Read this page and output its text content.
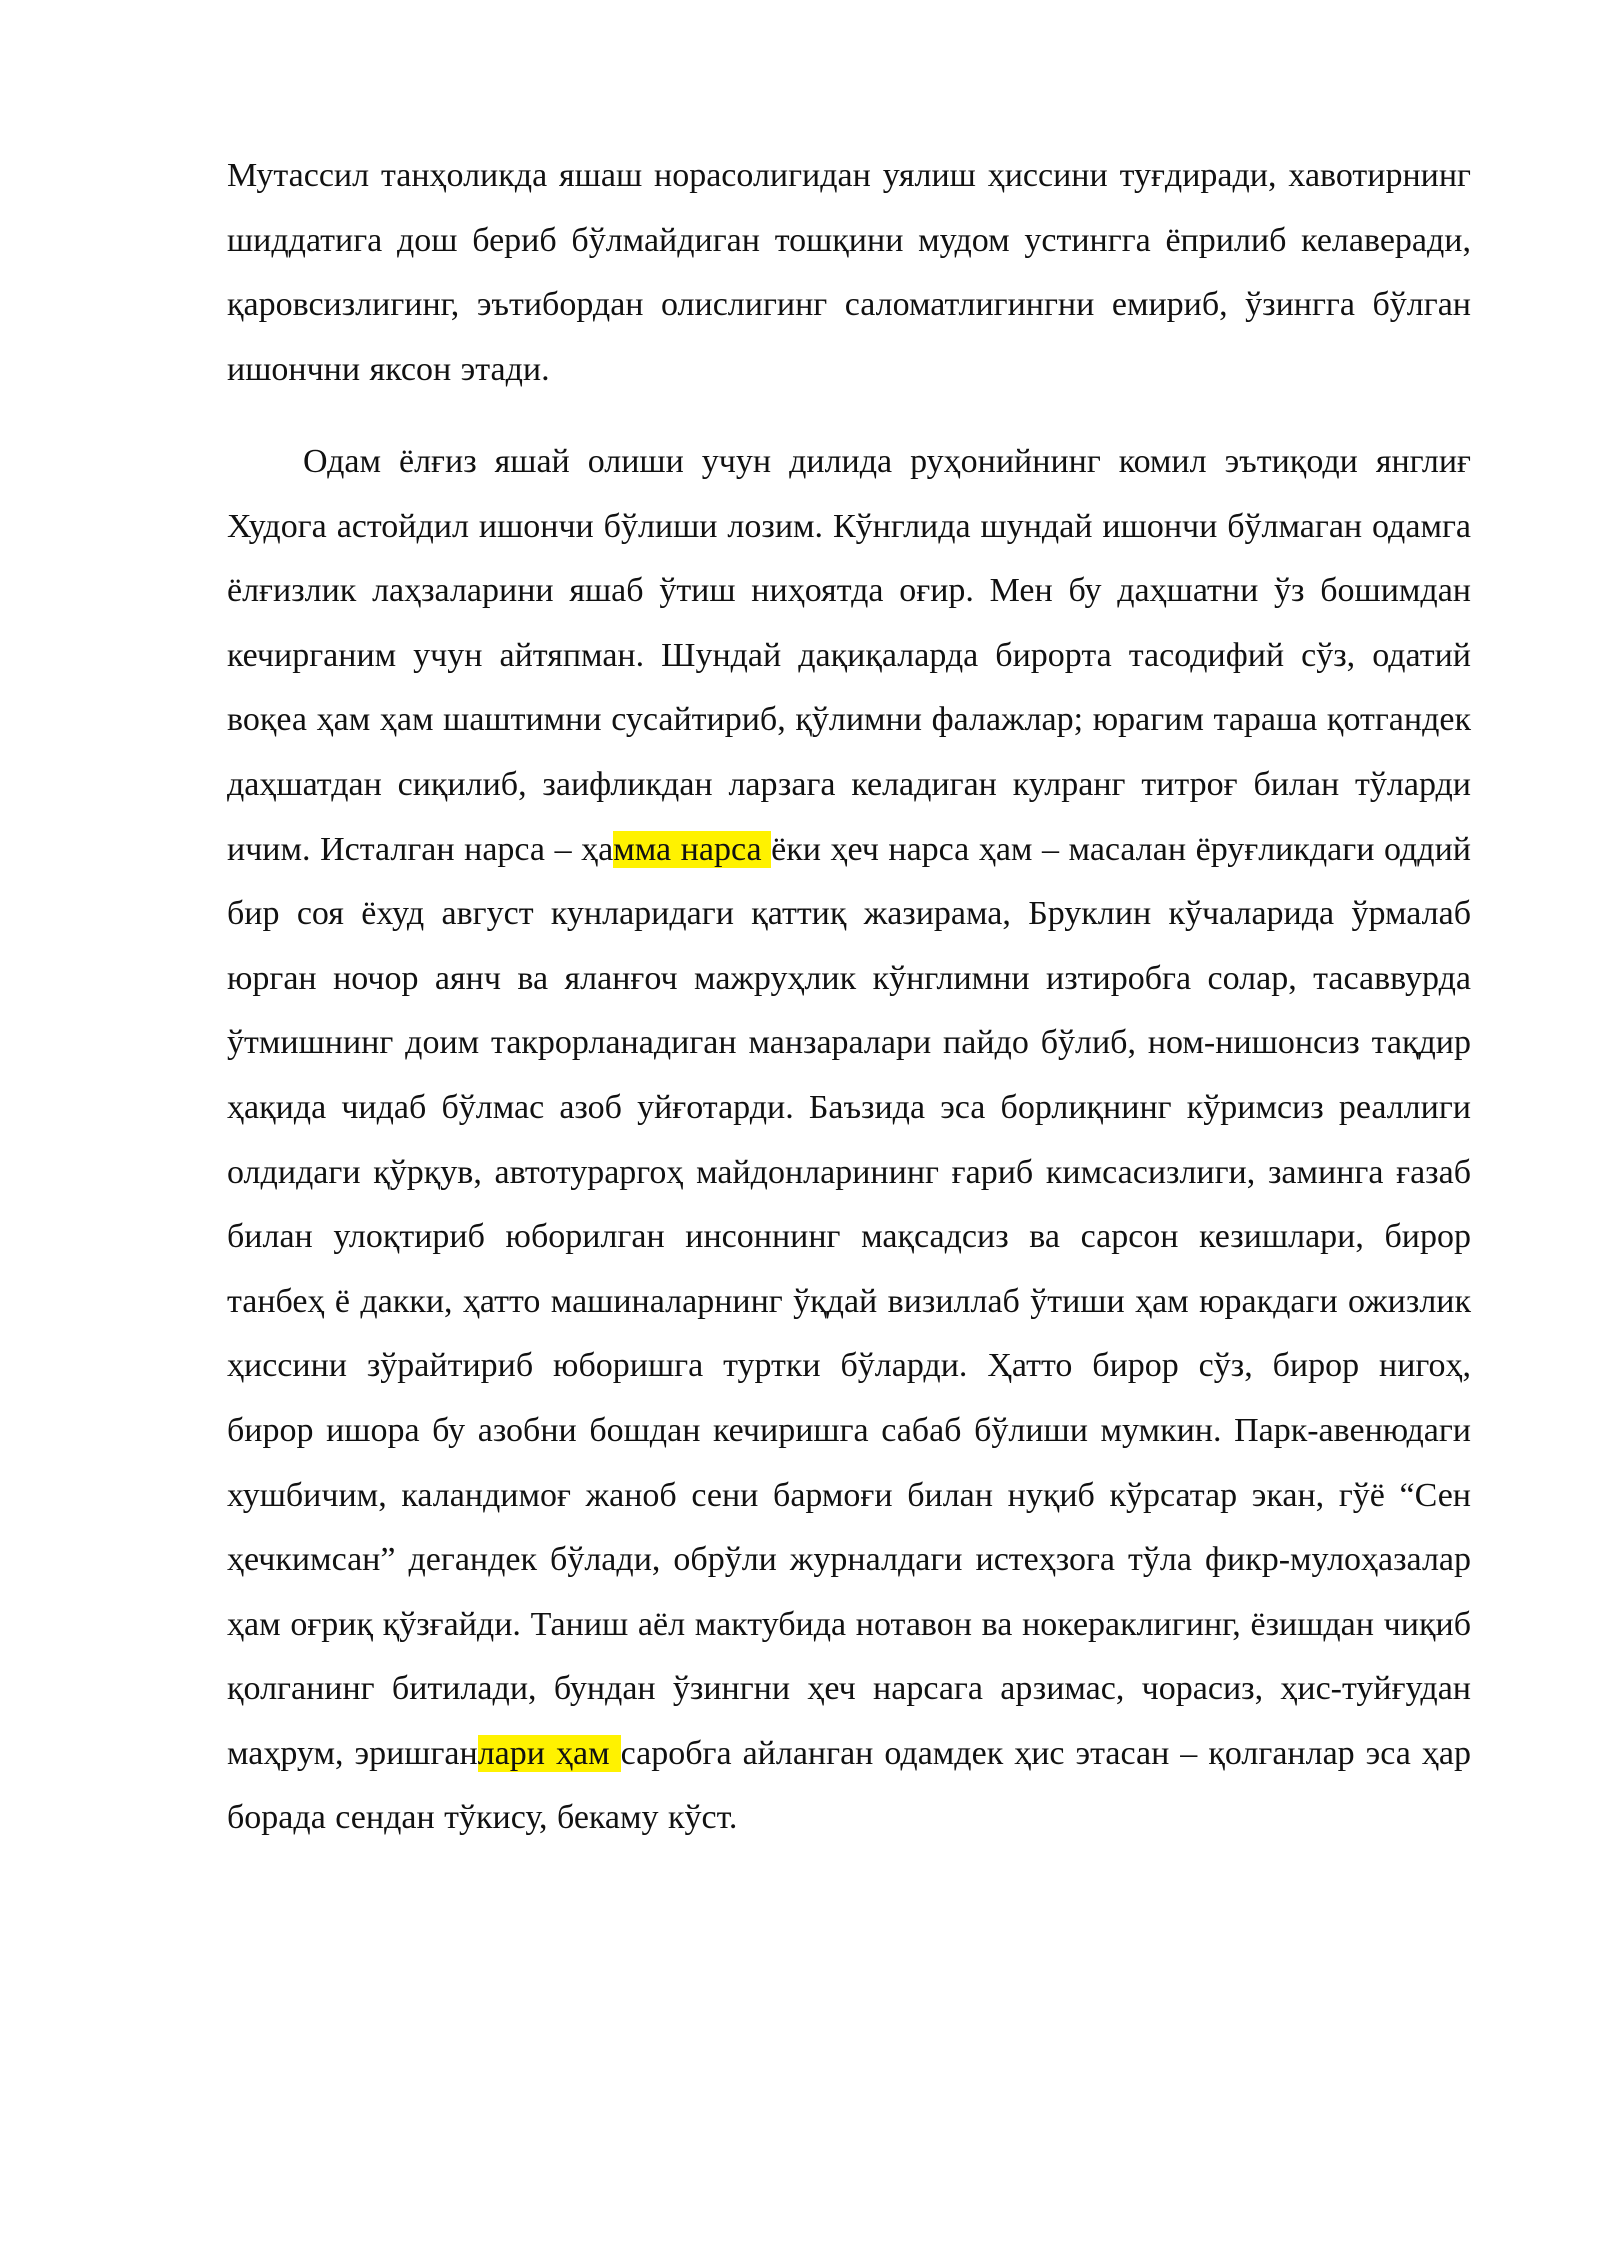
Мутассил танҳоликда яшаш норасолигидан уялиш ҳиссини туғдиради, хавотирнинг шиддатига дош бериб бўлмайдиган тошқини мудом устингга ёприлиб келаверади, қаровсизлигинг, эътибордан олислигинг саломатлигингни емириб, ўзингга бўлган ишончни яксон этади.

Одам ёлғиз яшай олиши учун дилида руҳонийнинг комил эътиқоди янглиғ Худога астойдил ишончи бўлиши лозим. Кўнглида шундай ишончи бўлмаган одамга ёлғизлик лаҳзаларини яшаб ўтиш ниҳоятда оғир. Мен бу даҳшатни ўз бошимдан кечирганим учун айтяпман. Шундай дақиқаларда бирорта тасодифий сўз, одатий воқеа ҳам ҳам шаштимни сусайтириб, қўлимни фалажлар; юрагим тараша қотгандек даҳшатдан сиқилиб, заифликдан ларзага келадиган кулранг титроғ билан тўларди ичим. Исталган нарса – ҳамма нарса ёки ҳеч нарса ҳам – масалан ёруғликдаги оддий бир соя ёхуд август кунларидаги қаттиқ жазирама, Бруклин кўчаларида ўрмалаб юрган ночор аянч ва яланғоч мажруҳлик кўнглимни изтиробга солар, тасаввурда ўтмишнинг доим такрорланадиган манзаралари пайдо бўлиб, ном-нишонсиз тақдир ҳақида чидаб бўлмас азоб уйғотарди. Баъзида эса борлиқнинг кўримсиз реаллиги олдидаги қўрқув, автотураргоҳ майдонларининг ғариб кимсасизлиги, заминга ғазаб билан улоқтириб юборилган инсоннинг мақсадсиз ва сарсон кезишлари, бирор танбеҳ ё дакки, ҳатто машиналарнинг ўқдай визиллаб ўтиши ҳам юракдаги ожизлик ҳиссини зўрайтириб юборишга туртки бўларди. Ҳатто бирор сўз, бирор нигоҳ, бирор ишора бу азобни бошдан кечиришга сабаб бўлиши мумкин. Парк-авенюдаги хушбичим, каландимоғ жаноб сени бармоғи билан нуқиб кўрсатар экан, гўё “Сен ҳечкимсан” дегандек бўлади, обрўли журналдаги истеҳзога тўла фикр-мулоҳазалар ҳам оғриқ қўзғайди. Таниш аёл мактубида нотавон ва нокераклигинг, ёзишдан чиқиб қолганинг битилади, бундан ўзингни ҳеч нарсага арзимас, чорасиз, ҳис-туйғудан маҳрум, эришганлари ҳам саробга айланган одамдек ҳис этасан – қолганлар эса ҳар борада сендан тўкису, бекаму кўст.
